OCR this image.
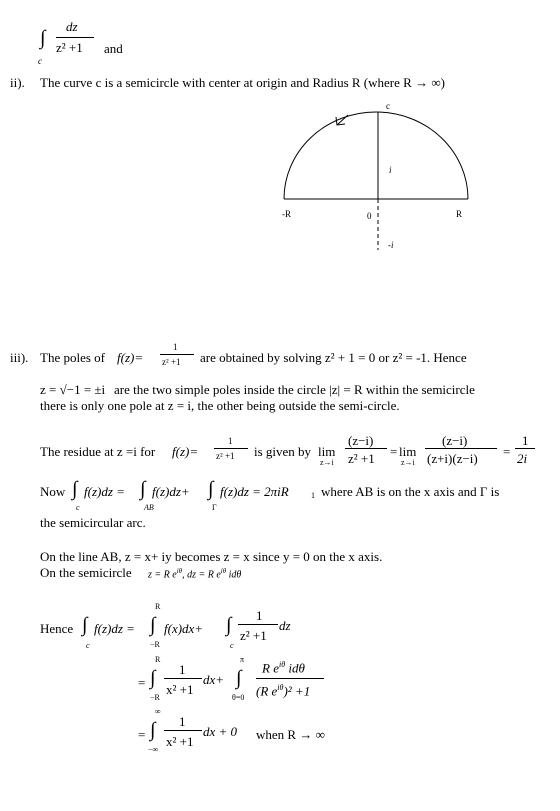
∫
dz
z² +1
c
and
ii). The curve c is a semicircle with center at origin and Radius R (where R → ∞)
c
i
-R	0	R
-i
iii). The poles of f(z)=
1
z² +1 are obtained by solving z² + 1 = 0 or z² = -1. Hence
z = √−1 = ±i are the two simple poles inside the circle |z| = R within the semicircle
there is only one pole at z = i, the other being outside the semi-circle.
The residue at z =i for f(z)=
1
z² +1 is given by lim
z→i
(z−i)
z² +1 = lim
z→i
(z−i)
(z+i)(z−i) =
1
2i
Now ∫ f(z)dz =
c
∫ f(z)dz+
AB
∫ f(z)dz = 2πiR	1
Γ
where AB is on the x axis and Γ is
the semicircular arc.
On the line AB, z = x+ iy becomes z = x since y = 0 on the x axis.
On the semicircle z = R $e^{i\theta}$, dz = R $e^{i\theta}$ idθ
Hence ∫ f(z)dz =
c
R
∫
−R
f(x)dx+ ∫
c
1
z² +1
dz
=
R
∫
−R
1
x² +1
dx+
π
∫
θ=0
R $e^{i\theta}$ idθ
(R $e^{i\theta})^2 +1$
=
∞
∫
−∞
1
x² +1
dx + 0 when R → ∞
